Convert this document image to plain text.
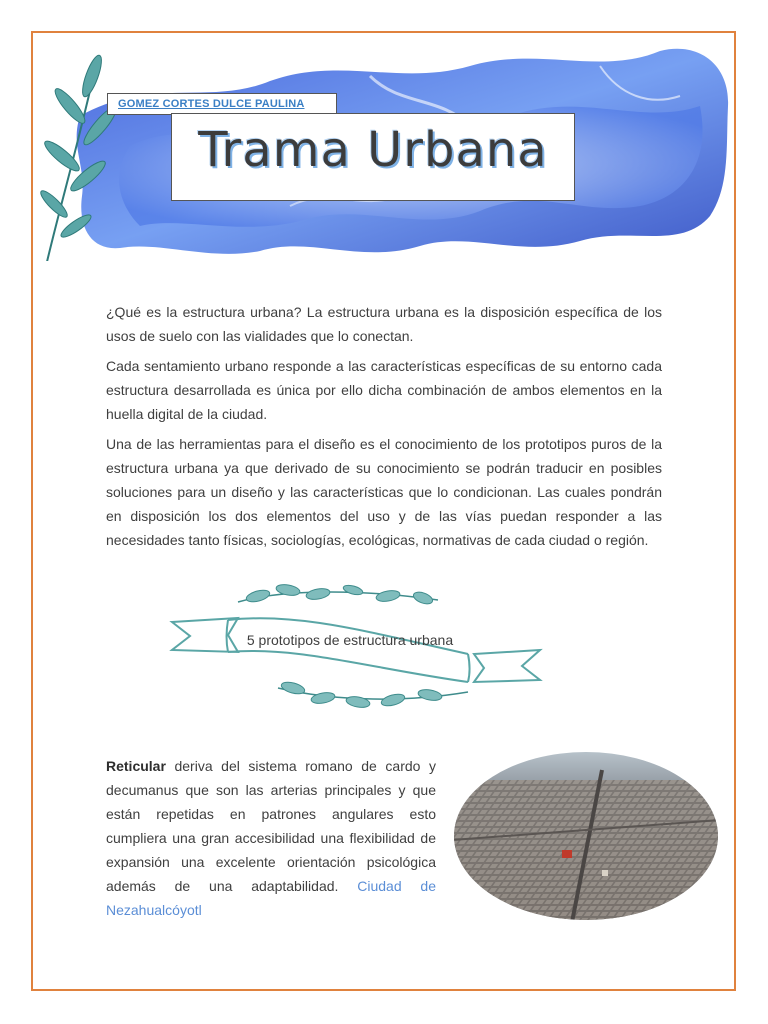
GOMEZ CORTES DULCE PAULINA
Trama Urbana

¿Qué es la estructura urbana? La estructura urbana es la disposición específica de los usos de suelo con las vialidades que lo conectan.

Cada sentamiento urbano responde a las características específicas de su entorno cada estructura desarrollada es única por ello dicha combinación de ambos elementos en la huella digital de la ciudad.

Una de las herramientas para el diseño es el conocimiento de los prototipos puros de la estructura urbana ya que derivado de su conocimiento se podrán traducir en posibles soluciones para un diseño y las características que lo condicionan. Las cuales pondrán en disposición los dos elementos del uso y de las vías puedan responder a las necesidades tanto físicas, sociologías, ecológicas, normativas de cada ciudad o región.

5 prototipos de estructura urbana
Reticular deriva del sistema romano de cardo y decumanus que son las arterias principales y que están repetidas en patrones angulares esto cumpliera una gran accesibilidad una flexibilidad de expansión una excelente orientación psicológica además de una adaptabilidad. Ciudad de Nezahualcóyotl
